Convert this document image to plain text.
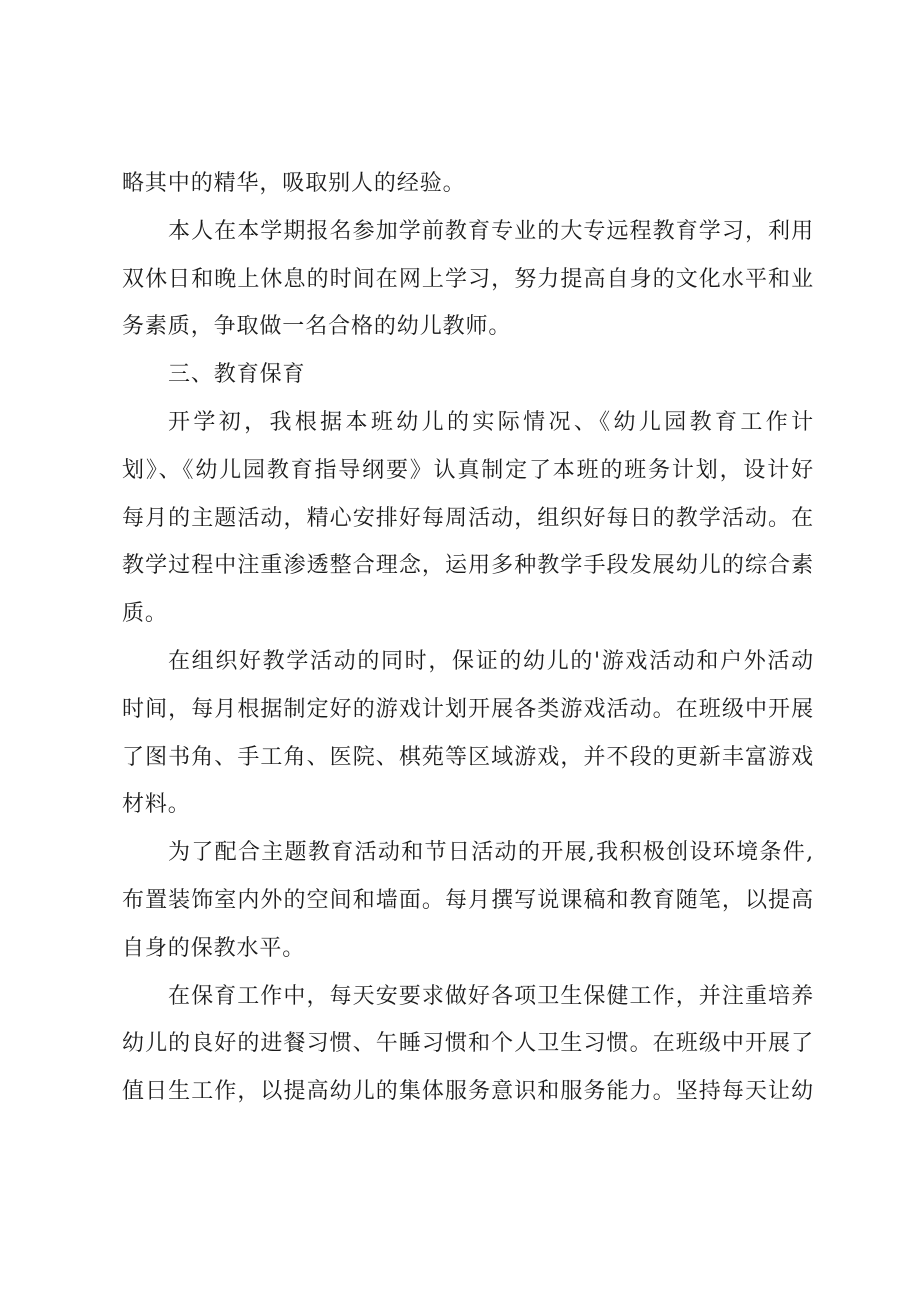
略其中的精华，吸取别人的经验。

本人在本学期报名参加学前教育专业的大专远程教育学习，利用
双休日和晚上休息的时间在网上学习，努力提高自身的文化水平和业
务素质，争取做一名合格的幼儿教师。

三、教育保育

开学初，我根据本班幼儿的实际情况、《幼儿园教育工作计
划》、《幼儿园教育指导纲要》认真制定了本班的班务计划，设计好
每月的主题活动，精心安排好每周活动，组织好每日的教学活动。在
教学过程中注重渗透整合理念，运用多种教学手段发展幼儿的综合素
质。

在组织好教学活动的同时，保证的幼儿的'游戏活动和户外活动
时间，每月根据制定好的游戏计划开展各类游戏活动。在班级中开展
了图书角、手工角、医院、棋苑等区域游戏，并不段的更新丰富游戏
材料。

为了配合主题教育活动和节日活动的开展,我积极创设环境条件,
布置装饰室内外的空间和墙面。每月撰写说课稿和教育随笔，以提高
自身的保教水平。

在保育工作中，每天安要求做好各项卫生保健工作，并注重培养
幼儿的良好的进餐习惯、午睡习惯和个人卫生习惯。在班级中开展了
值日生工作，以提高幼儿的集体服务意识和服务能力。坚持每天让幼
